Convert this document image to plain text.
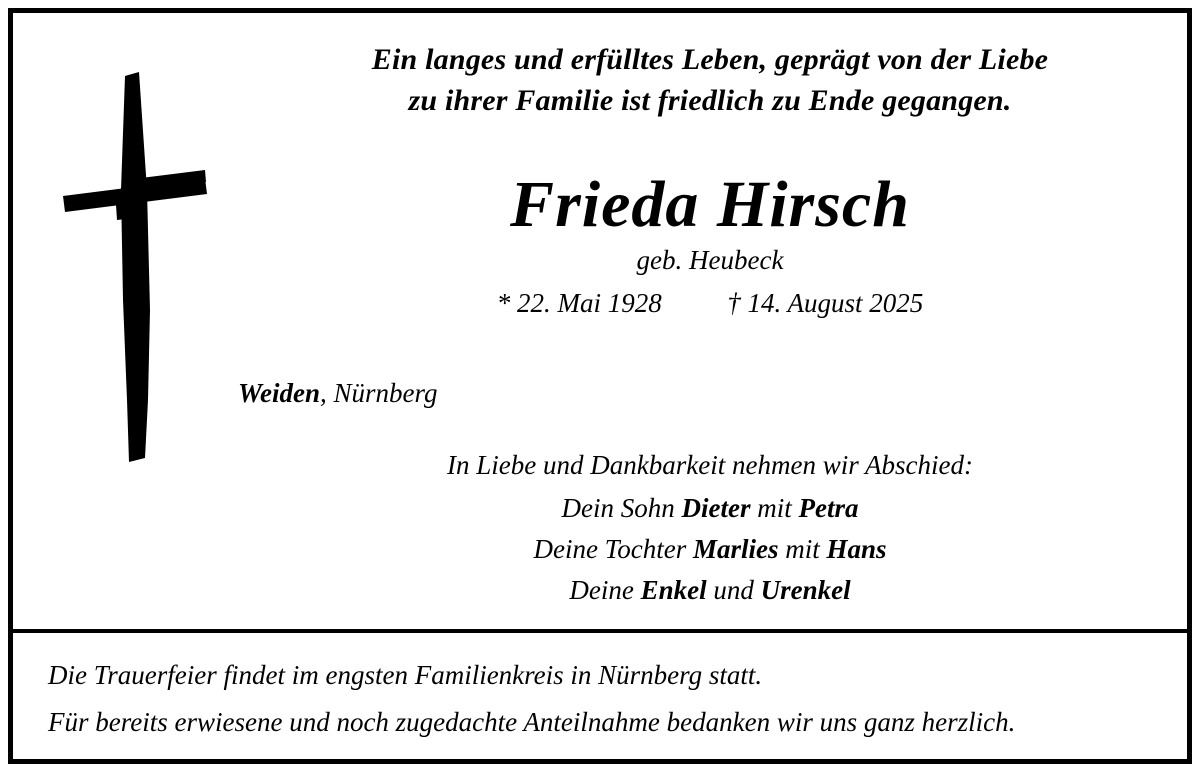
Ein langes und erfülltes Leben, geprägt von der Liebe
zu ihrer Familie ist friedlich zu Ende gegangen.
Frieda Hirsch
geb. Heubeck
* 22. Mai 1928 † 14. August 2025
Weiden, Nürnberg
In Liebe und Dankbarkeit nehmen wir Abschied:
Dein Sohn Dieter mit Petra
Deine Tochter Marlies mit Hans
Deine Enkel und Urenkel
Die Trauerfeier findet im engsten Familienkreis in Nürnberg statt.
Für bereits erwiesene und noch zugedachte Anteilnahme bedanken wir uns ganz herzlich.
